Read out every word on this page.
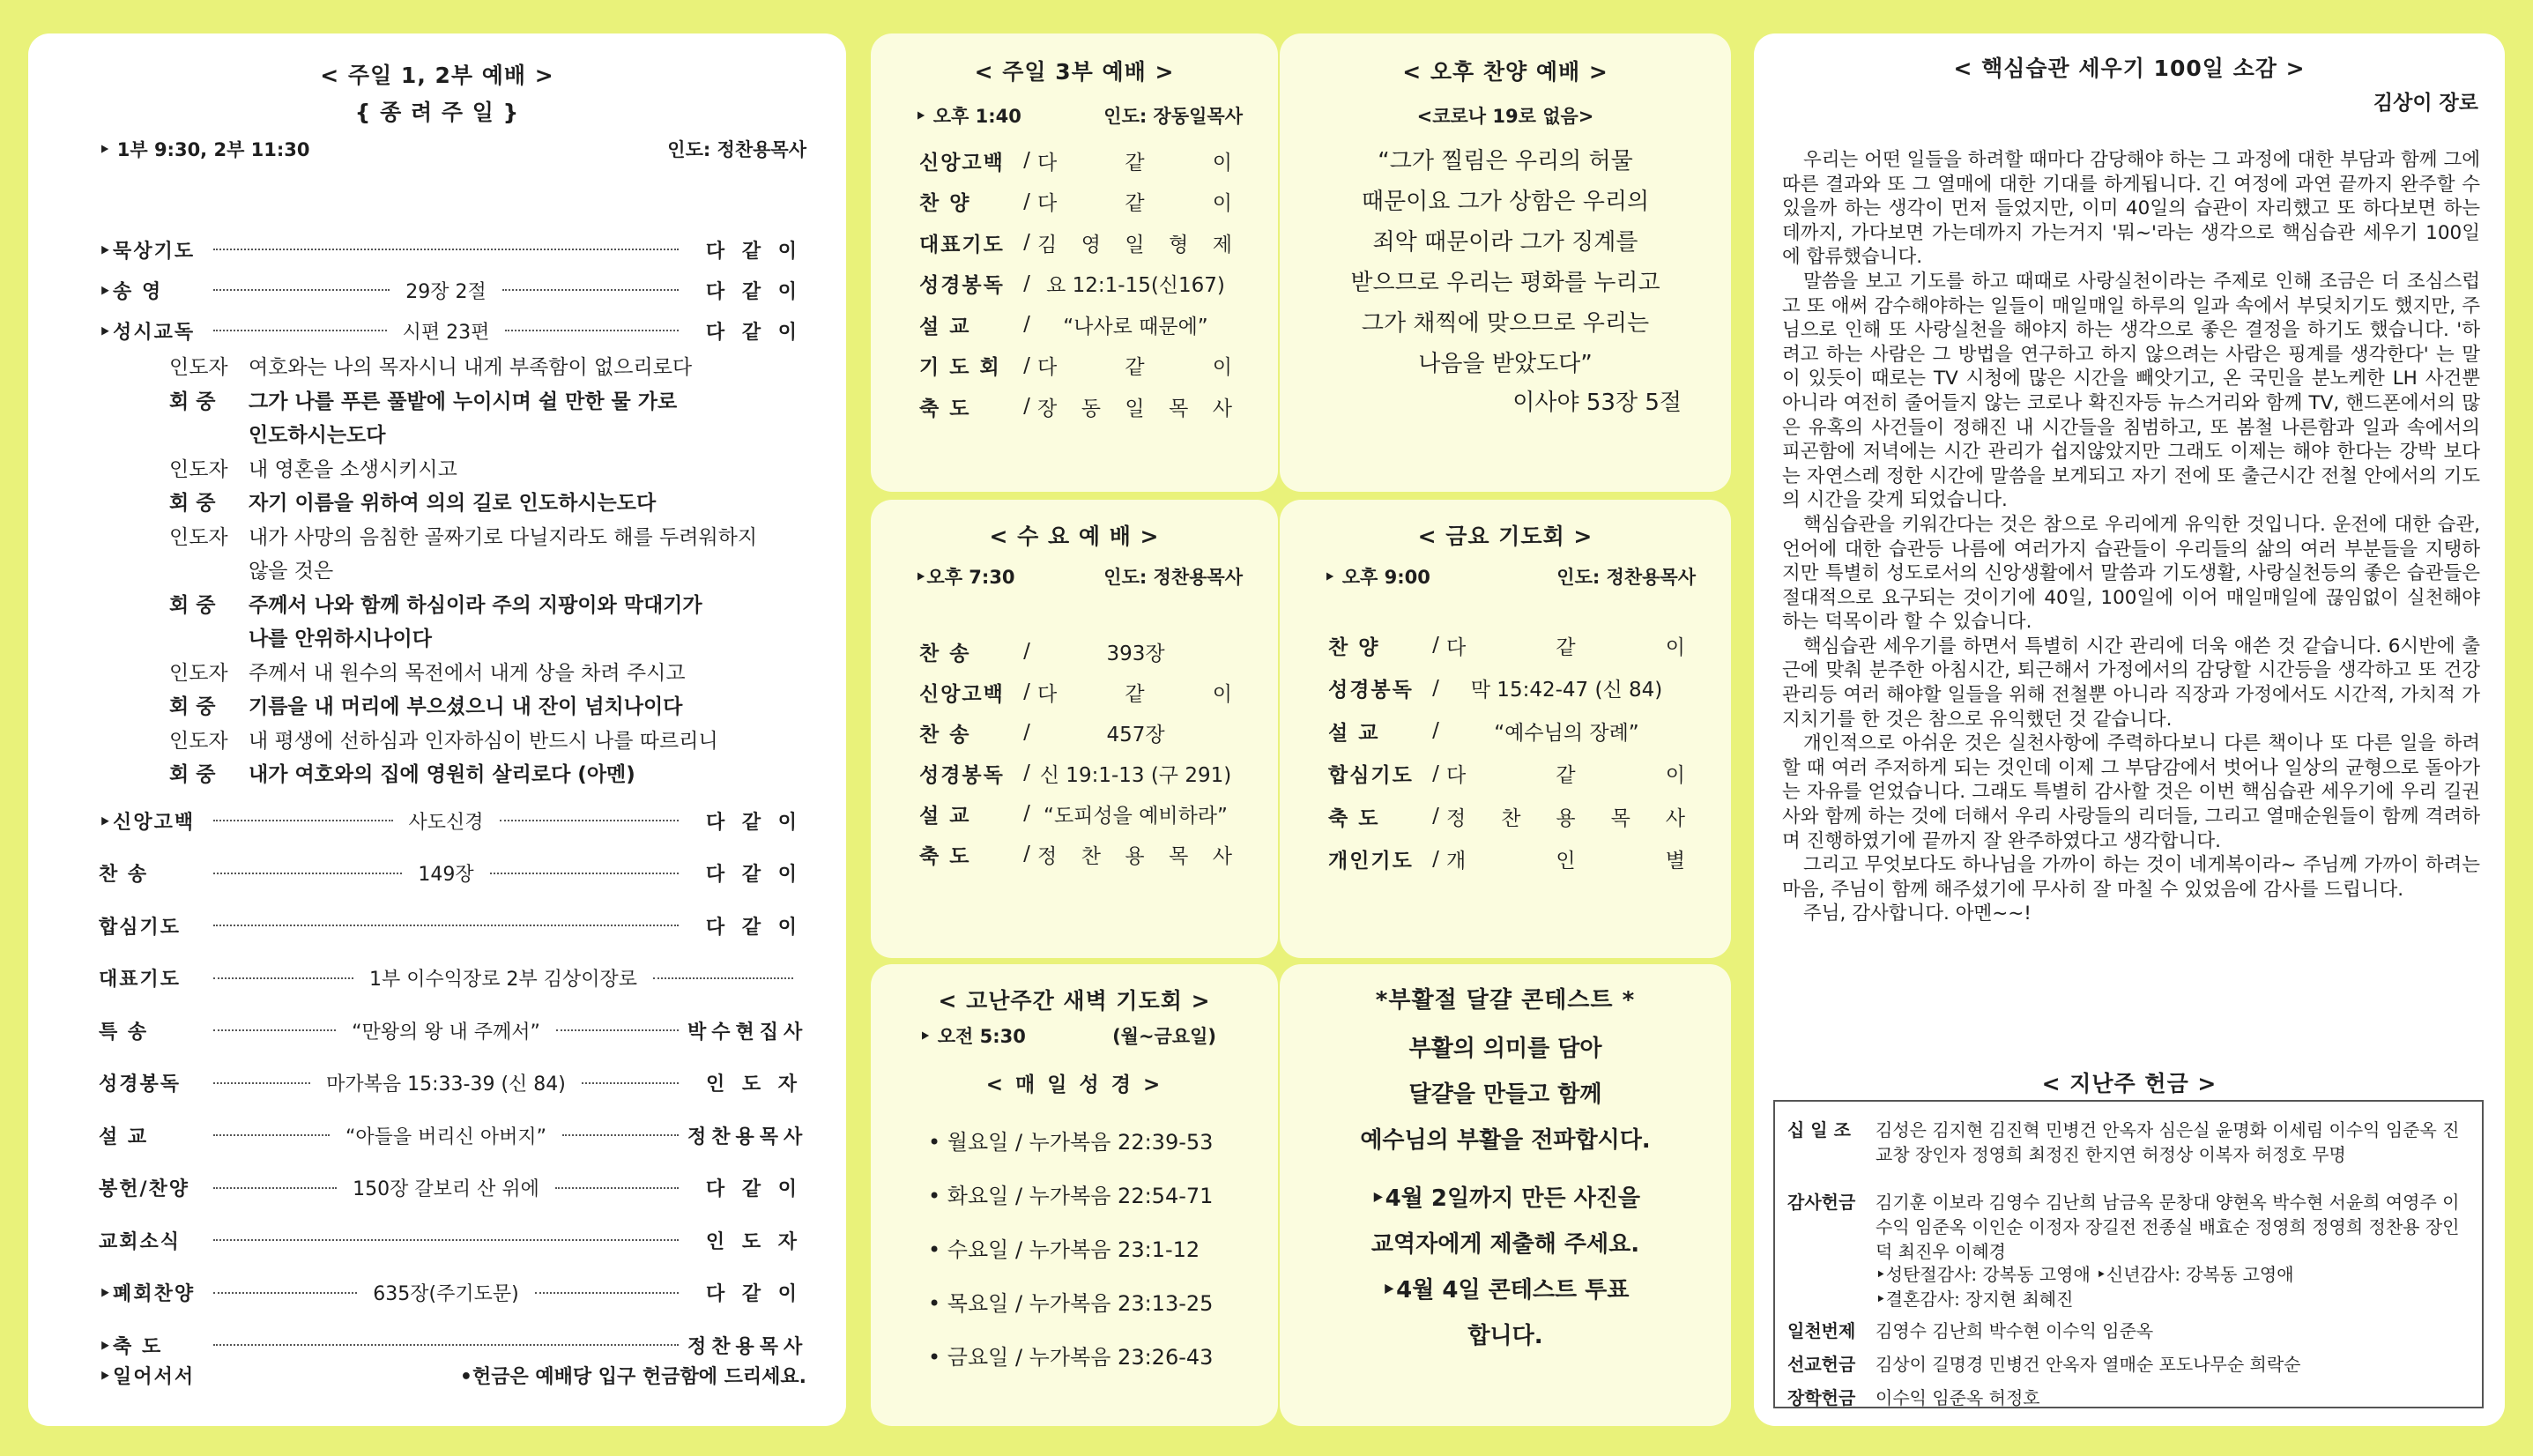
< 주일 1, 2부 예배 >
{ 종 려 주 일 }
‣ 1부 9:30, 2부 11:30	인도: 정찬용목사
‣묵상기도	다 같 이
‣송 영	29장 2절	다 같 이
‣성시교독	시편 23편	다 같 이
인도자 여호와는 나의 목자시니 내게 부족함이 없으리로다
회 중 그가 나를 푸른 풀밭에 누이시며 쉴 만한 물 가로
인도하시는도다
인도자 내 영혼을 소생시키시고
회 중 자기 이름을 위하여 의의 길로 인도하시는도다
인도자 내가 사망의 음침한 골짜기로 다닐지라도 해를 두려워하지
않을 것은
회 중 주께서 나와 함께 하심이라 주의 지팡이와 막대기가
나를 안위하시나이다
인도자 주께서 내 원수의 목전에서 내게 상을 차려 주시고
회 중 기름을 내 머리에 부으셨으니 내 잔이 넘치나이다
인도자 내 평생에 선하심과 인자하심이 반드시 나를 따르리니
회 중 내가 여호와의 집에 영원히 살리로다 (아멘)
‣신앙고백	사도신경	다 같 이
찬 송	149장	다 같 이
합심기도	다 같 이
대표기도	1부 이수익장로 2부 김상이장로
특 송	“만왕의 왕 내 주께서”	박수현집사
성경봉독	마가복음 15:33-39 (신 84)	인 도 자
설 교	“아들을 버리신 아버지”	정찬용목사
봉헌/찬양	150장 갈보리 산 위에	다 같 이
교회소식	인 도 자
‣폐회찬양	635장(주기도문)	다 같 이
‣축 도	정찬용목사
‣일어서서	•헌금은 예배당 입구 헌금함에 드리세요.
< 주일 3부 예배 >
‣ 오후 1:40	인도: 장동일목사
신앙고백 / 다	같	이
찬 양	/ 다	같	이
대표기도 / 김 영 일 형 제
성경봉독 / 요 12:1-15(신167)
설 교	/	“나사로 때문에”
기 도 회	/ 다	같	이
축 도	/ 장 동 일 목 사
< 오후 찬양 예배 >
<코로나 19로 없음>
“그가 찔림은 우리의 허물
때문이요 그가 상함은 우리의
죄악 때문이라 그가 징계를
받으므로 우리는 평화를 누리고
그가 채찍에 맞으므로 우리는
나음을 받았도다”
이사야 53장 5절
< 수 요 예 배 >
‣오후 7:30	인도: 정찬용목사
찬 송	/	393장
신앙고백 / 다	같	이
찬 송	/	457장
성경봉독 / 신 19:1-13 (구 291)
설 교	/ “도피성을 예비하라”
축 도	/ 정 찬 용 목 사
< 금요 기도회 >
‣ 오후 9:00	인도: 정찬용목사
찬 양	/ 다	같	이
성경봉독 /	막 15:42-47 (신 84)
설 교	/	“예수님의 장례”
합심기도 / 다	같	이
축 도	/ 정 찬 용 목 사
개인기도 / 개	인	별
< 고난주간 새벽 기도회 >
‣ 오전 5:30	(월~금요일)
< 매 일 성 경 >
• 월요일 / 누가복음 22:39-53
• 화요일 / 누가복음 22:54-71
• 수요일 / 누가복음 23:1-12
• 목요일 / 누가복음 23:13-25
• 금요일 / 누가복음 23:26-43
*부활절 달걀 콘테스트 *
부활의 의미를 담아
달걀을 만들고 함께
예수님의 부활을 전파합시다.
‣4월 2일까지 만든 사진을
교역자에게 제출해 주세요.
‣4월 4일 콘테스트 투표
합니다.
< 핵심습관 세우기 100일 소감 >
김상이 장로

우리는 어떤 일들을 하려할 때마다 감당해야 하는 그 과정에 대한 부담과 함께 그에 따른 결과와 또 그 열매에 대한 기대를 하게됩니다. 긴 여정에 과연 끝까지 완주할 수 있을까 하는 생각이 먼저 들었지만, 이미 40일의 습관이 자리했고 또 하다보면 하는데까지, 가다보면 가는데까지 가는거지 '뭐~'라는 생각으로 핵심습관 세우기 100일에 합류했습니다.

말씀을 보고 기도를 하고 때때로 사랑실천이라는 주제로 인해 조금은 더 조심스럽고 또 애써 감수해야하는 일들이 매일매일 하루의 일과 속에서 부딪치기도 했지만, 주님으로 인해 또 사랑실천을 해야지 하는 생각으로 좋은 결정을 하기도 했습니다. '하려고 하는 사람은 그 방법을 연구하고 하지 않으려는 사람은 핑계를 생각한다' 는 말이 있듯이 때로는 TV 시청에 많은 시간을 빼앗기고, 온 국민을 분노케한 LH 사건뿐 아니라 여전히 줄어들지 않는 코로나 확진자등 뉴스거리와 함께 TV, 핸드폰에서의 많은 유혹의 사건들이 정해진 내 시간들을 침범하고, 또 봄철 나른함과 일과 속에서의 피곤함에 저녁에는 시간 관리가 쉽지않았지만 그래도 이제는 해야 한다는 강박 보다는 자연스레 정한 시간에 말씀을 보게되고 자기 전에 또 출근시간 전철 안에서의 기도의 시간을 갖게 되었습니다.

핵심습관을 키워간다는 것은 참으로 우리에게 유익한 것입니다. 운전에 대한 습관, 언어에 대한 습관등 나름에 여러가지 습관들이 우리들의 삶의 여러 부분들을 지탱하지만 특별히 성도로서의 신앙생활에서 말씀과 기도생활, 사랑실천등의 좋은 습관들은 절대적으로 요구되는 것이기에 40일, 100일에 이어 매일매일에 끊임없이 실천해야하는 덕목이라 할 수 있습니다.

핵심습관 세우기를 하면서 특별히 시간 관리에 더욱 애쓴 것 같습니다. 6시반에 출근에 맞춰 분주한 아침시간, 퇴근해서 가정에서의 감당할 시간등을 생각하고 또 건강관리등 여러 해야할 일들을 위해 전철뿐 아니라 직장과 가정에서도 시간적, 가치적 가지치기를 한 것은 참으로 유익했던 것 같습니다.

개인적으로 아쉬운 것은 실천사항에 주력하다보니 다른 책이나 또 다른 일을 하려할 때 여러 주저하게 되는 것인데 이제 그 부담감에서 벗어나 일상의 균형으로 돌아가는 자유를 얻었습니다. 그래도 특별히 감사할 것은 이번 핵심습관 세우기에 우리 길권사와 함께 하는 것에 더해서 우리 사랑들의 리더들, 그리고 열매순원들이 함께 격려하며 진행하였기에 끝까지 잘 완주하였다고 생각합니다.

그리고 무엇보다도 하나님을 가까이 하는 것이 네게복이라~ 주님께 가까이 하려는 마음, 주님이 함께 해주셨기에 무사히 잘 마칠 수 있었음에 감사를 드립니다.

주님, 감사합니다. 아멘~~!

< 지난주 헌금 >
십 일 조	김성은 김지현 김진혁 민병건 안옥자 심은실 윤명화 이세림 이수익 임준옥 진교창 장인자 정영희 최정진 한지연 허정상 이복자 허정호 무명
감사헌금	김기훈 이보라 김영수 김난희 남금옥 문창대 양현옥 박수현 서윤희 여영주 이수익 임준옥 이인순 이정자 장길전 전종실 배효순 정영희 정영희 정찬용 장인덕 최진우 이혜경
‣성탄절감사: 강복동 고영애 ‣신년감사: 강복동 고영애
‣결혼감사: 장지현 최혜진
일천번제	김영수 김난희 박수현 이수익 임준옥
선교헌금	김상이 길명경 민병건 안옥자 열매순 포도나무순 희락순
장학헌금	이수익 임준옥 허정호
